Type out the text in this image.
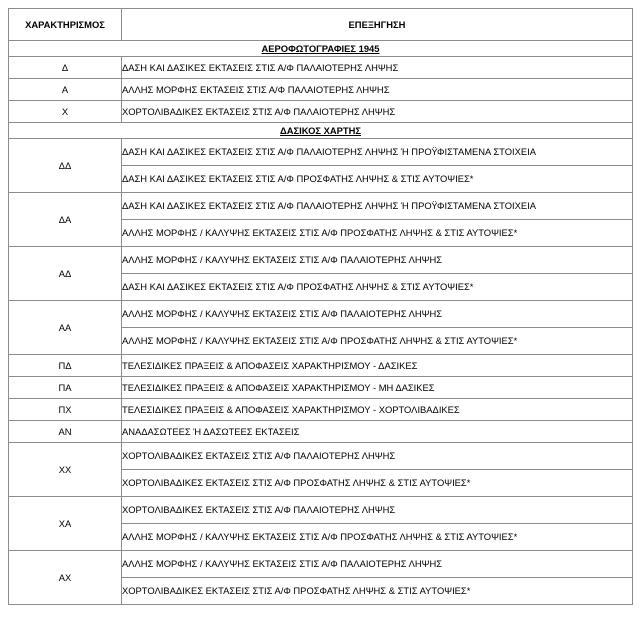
ΧΑΡΑΚΤΗΡΙΣΜΟΣ	ΕΠΕΞΗΓΗΣΗ
ΑΕΡΟΦΩΤΟΓΡΑΦΙΕΣ 1945	
Δ	ΔΑΣΗ ΚΑΙ ΔΑΣΙΚΕΣ ΕΚΤΑΣΕΙΣ ΣΤΙΣ Α/Φ ΠΑΛΑΙΟΤΕΡΗΣ ΛΗΨΗΣ
Α	ΑΛΛΗΣ ΜΟΡΦΗΣ ΕΚΤΑΣΕΙΣ ΣΤΙΣ Α/Φ ΠΑΛΑΙΟΤΕΡΗΣ ΛΗΨΗΣ
Χ	ΧΟΡΤΟΛΙΒΑΔΙΚΕΣ ΕΚΤΑΣΕΙΣ ΣΤΙΣ Α/Φ ΠΑΛΑΙΟΤΕΡΗΣ ΛΗΨΗΣ
ΔΑΣΙΚΟΣ ΧΑΡΤΗΣ	
ΔΔ	ΔΑΣΗ ΚΑΙ ΔΑΣΙΚΕΣ ΕΚΤΑΣΕΙΣ ΣΤΙΣ Α/Φ ΠΑΛΑΙΟΤΕΡΗΣ ΛΗΨΗΣ Ή ΠΡΟΫΦΙΣΤΑΜΕΝΑ ΣΤΟΙΧΕΙΑ
	ΔΑΣΗ ΚΑΙ ΔΑΣΙΚΕΣ ΕΚΤΑΣΕΙΣ ΣΤΙΣ Α/Φ ΠΡΟΣΦΑΤΗΣ ΛΗΨΗΣ & ΣΤΙΣ ΑΥΤΟΨΙΕΣ*
ΔΑ	ΔΑΣΗ ΚΑΙ ΔΑΣΙΚΕΣ ΕΚΤΑΣΕΙΣ ΣΤΙΣ Α/Φ ΠΑΛΑΙΟΤΕΡΗΣ ΛΗΨΗΣ Ή ΠΡΟΫΦΙΣΤΑΜΕΝΑ ΣΤΟΙΧΕΙΑ
	ΑΛΛΗΣ ΜΟΡΦΗΣ / ΚΑΛΥΨΗΣ ΕΚΤΑΣΕΙΣ ΣΤΙΣ Α/Φ ΠΡΟΣΦΑΤΗΣ ΛΗΨΗΣ & ΣΤΙΣ ΑΥΤΟΨΙΕΣ*
ΑΔ	ΑΛΛΗΣ ΜΟΡΦΗΣ / ΚΑΛΥΨΗΣ ΕΚΤΑΣΕΙΣ ΣΤΙΣ Α/Φ ΠΑΛΑΙΟΤΕΡΗΣ ΛΗΨΗΣ
	ΔΑΣΗ ΚΑΙ ΔΑΣΙΚΕΣ ΕΚΤΑΣΕΙΣ ΣΤΙΣ Α/Φ ΠΡΟΣΦΑΤΗΣ ΛΗΨΗΣ & ΣΤΙΣ ΑΥΤΟΨΙΕΣ*
ΑΑ	ΑΛΛΗΣ ΜΟΡΦΗΣ / ΚΑΛΥΨΗΣ ΕΚΤΑΣΕΙΣ ΣΤΙΣ Α/Φ ΠΑΛΑΙΟΤΕΡΗΣ ΛΗΨΗΣ
	ΑΛΛΗΣ ΜΟΡΦΗΣ / ΚΑΛΥΨΗΣ ΕΚΤΑΣΕΙΣ ΣΤΙΣ Α/Φ ΠΡΟΣΦΑΤΗΣ ΛΗΨΗΣ & ΣΤΙΣ ΑΥΤΟΨΙΕΣ*
ΠΔ	ΤΕΛΕΣΙΔΙΚΕΣ ΠΡΑΞΕΙΣ & ΑΠΟΦΑΣΕΙΣ ΧΑΡΑΚΤΗΡΙΣΜΟΥ - ΔΑΣΙΚΕΣ
ΠΑ	ΤΕΛΕΣΙΔΙΚΕΣ ΠΡΑΞΕΙΣ & ΑΠΟΦΑΣΕΙΣ ΧΑΡΑΚΤΗΡΙΣΜΟΥ - ΜΗ ΔΑΣΙΚΕΣ
ΠΧ	ΤΕΛΕΣΙΔΙΚΕΣ ΠΡΑΞΕΙΣ & ΑΠΟΦΑΣΕΙΣ ΧΑΡΑΚΤΗΡΙΣΜΟΥ - ΧΟΡΤΟΛΙΒΑΔΙΚΕΣ
ΑΝ	ΑΝΑΔΑΣΩΤΕΕΣ Ή ΔΑΣΩΤΕΕΣ ΕΚΤΑΣΕΙΣ
ΧΧ	ΧΟΡΤΟΛΙΒΑΔΙΚΕΣ ΕΚΤΑΣΕΙΣ ΣΤΙΣ Α/Φ ΠΑΛΑΙΟΤΕΡΗΣ ΛΗΨΗΣ
	ΧΟΡΤΟΛΙΒΑΔΙΚΕΣ ΕΚΤΑΣΕΙΣ ΣΤΙΣ Α/Φ ΠΡΟΣΦΑΤΗΣ ΛΗΨΗΣ & ΣΤΙΣ ΑΥΤΟΨΙΕΣ*
ΧΑ	ΧΟΡΤΟΛΙΒΑΔΙΚΕΣ ΕΚΤΑΣΕΙΣ ΣΤΙΣ Α/Φ ΠΑΛΑΙΟΤΕΡΗΣ ΛΗΨΗΣ
	ΑΛΛΗΣ ΜΟΡΦΗΣ / ΚΑΛΥΨΗΣ ΕΚΤΑΣΕΙΣ ΣΤΙΣ Α/Φ ΠΡΟΣΦΑΤΗΣ ΛΗΨΗΣ & ΣΤΙΣ ΑΥΤΟΨΙΕΣ*
ΑΧ	ΑΛΛΗΣ ΜΟΡΦΗΣ / ΚΑΛΥΨΗΣ ΕΚΤΑΣΕΙΣ ΣΤΙΣ Α/Φ ΠΑΛΑΙΟΤΕΡΗΣ ΛΗΨΗΣ
	ΧΟΡΤΟΛΙΒΑΔΙΚΕΣ ΕΚΤΑΣΕΙΣ ΣΤΙΣ Α/Φ ΠΡΟΣΦΑΤΗΣ ΛΗΨΗΣ & ΣΤΙΣ ΑΥΤΟΨΙΕΣ*
